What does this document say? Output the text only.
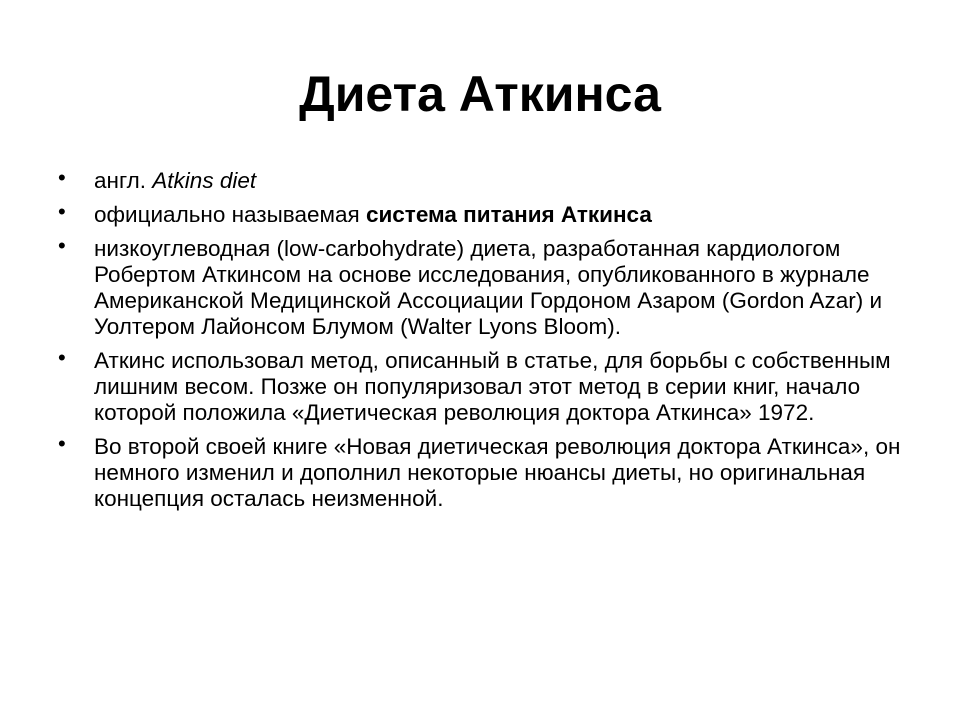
Диета Аткинса
• англ. Atkins diet
• официально называемая система питания Аткинса
• низкоуглеводная (low-carbohydrate) диета, разработанная кардиологом Робертом Аткинсом на основе исследования, опубликованного в журнале Американской Медицинской Ассоциации Гордоном Азаром (Gordon Azar) и Уолтером Лайонсом Блумом (Walter Lyons Bloom).
• Аткинс использовал метод, описанный в статье, для борьбы с собственным лишним весом. Позже он популяризовал этот метод в серии книг, начало которой положила «Диетическая революция доктора Аткинса» 1972.
• Во второй своей книге «Новая диетическая революция доктора Аткинса», он немного изменил и дополнил некоторые нюансы диеты, но оригинальная концепция осталась неизменной.
